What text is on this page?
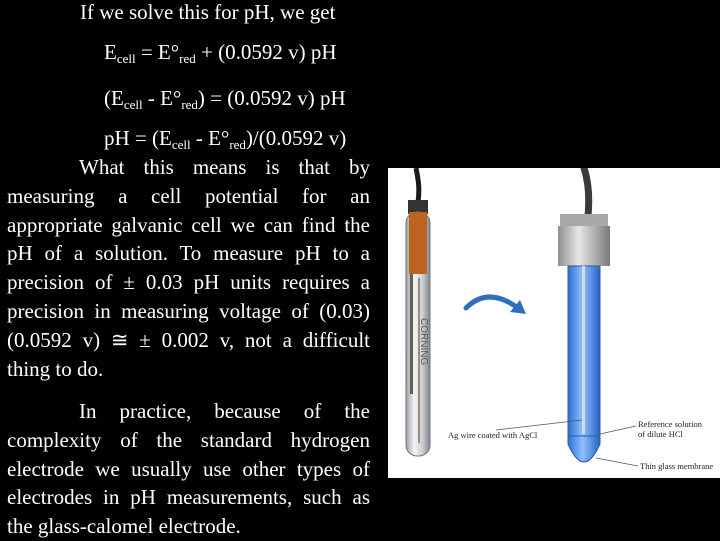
If we solve this for pH, we get
$E_{cell} = E^\circ_{red} + (0.0592$ v) pH
$(E_{cell} - E^\circ_{red}) = (0.0592$ v) pH
pH = $(E_{cell} - E^\circ_{red})/(0.0592$ v)
What this means is that by measuring a cell potential for an appropriate galvanic cell we can find the pH of a solution. To measure pH to a precision of ± 0.03 pH units requires a precision in measuring voltage of (0.03) (0.0592 v) ≅ ± 0.002 v, not a difficult thing to do.
In practice, because of the complexity of the standard hydrogen electrode we usually use other types of electrodes in pH measurements, such as the glass-calomel electrode.
CORNING
Ag wire coated with AgCl
Reference solution
of dilute HCl
Thin glass membrane
